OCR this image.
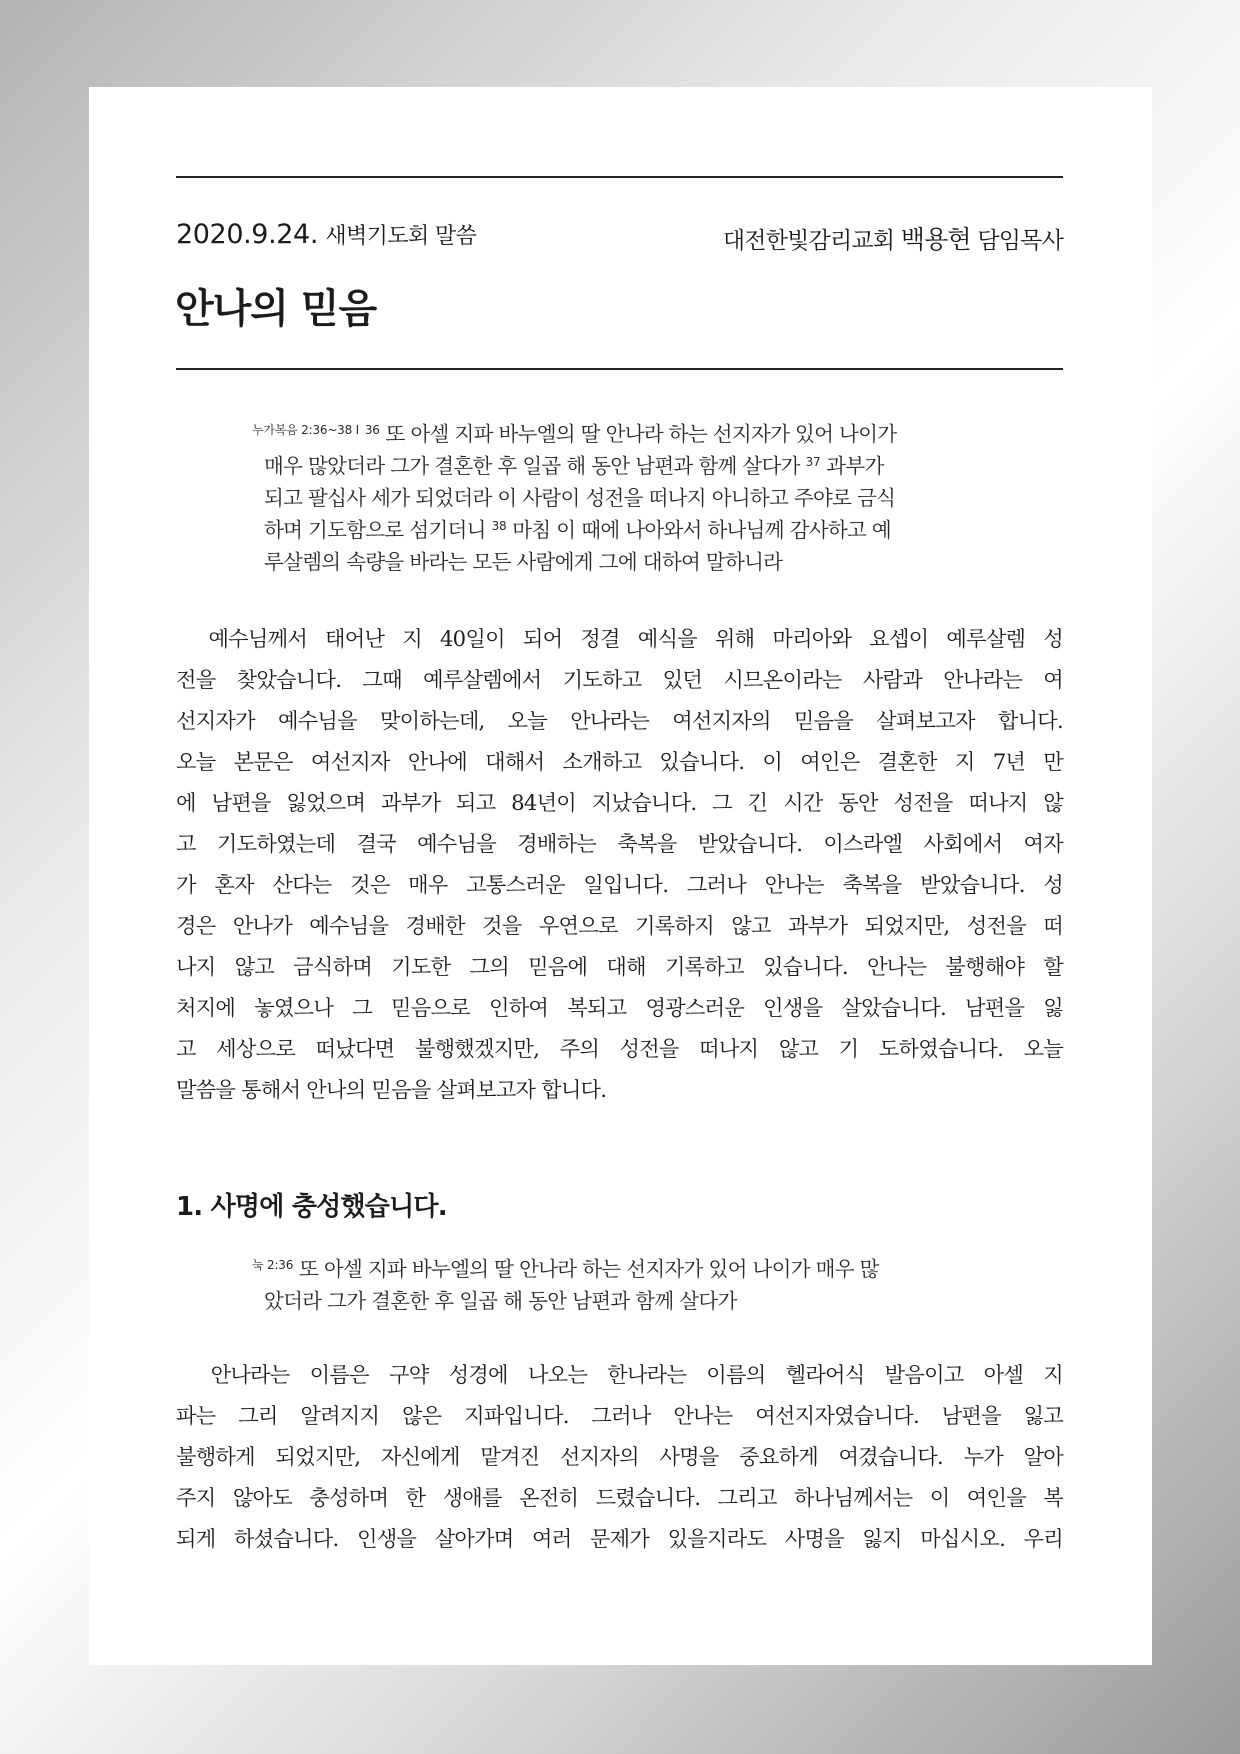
2020.9.24. 새벽기도회 말씀	대전한빛감리교회 백용현 담임목사
안나의 믿음
$^{누가복음 2:36\sim 38 I}$ $^{36}$ 또 아셀 지파 바누엘의 딸 안나라 하는 선지자가 있어 나이가
매우 많았더라 그가 결혼한 후 일곱 해 동안 남편과 함께 살다가 $^{37}$ 과부가
되고 팔십사 세가 되었더라 이 사람이 성전을 떠나지 아니하고 주야로 금식
하며 기도함으로 섬기더니 $^{38}$ 마침 이 때에 나아와서 하나님께 감사하고 예
루살렘의 속량을 바라는 모든 사람에게 그에 대하여 말하니라
　예수님께서 태어난 지 40일이 되어 정결 예식을 위해 마리아와 요셉이 예루살렘 성
전을 찾았습니다. 그때 예루살렘에서 기도하고 있던 시므온이라는 사람과 안나라는 여
선지자가 예수님을 맞이하는데, 오늘 안나라는 여선지자의 믿음을 살펴보고자 합니다.
오늘 본문은 여선지자 안나에 대해서 소개하고 있습니다. 이 여인은 결혼한 지 7년 만
에 남편을 잃었으며 과부가 되고 84년이 지났습니다. 그 긴 시간 동안 성전을 떠나지 않
고 기도하였는데 결국 예수님을 경배하는 축복을 받았습니다. 이스라엘 사회에서 여자
가 혼자 산다는 것은 매우 고통스러운 일입니다. 그러나 안나는 축복을 받았습니다. 성
경은 안나가 예수님을 경배한 것을 우연으로 기록하지 않고 과부가 되었지만, 성전을 떠
나지 않고 금식하며 기도한 그의 믿음에 대해 기록하고 있습니다. 안나는 불행해야 할
처지에 놓였으나 그 믿음으로 인하여 복되고 영광스러운 인생을 살았습니다. 남편을 잃
고 세상으로 떠났다면 불행했겠지만, 주의 성전을 떠나지 않고 기 도하였습니다. 오늘
말씀을 통해서 안나의 믿음을 살펴보고자 합니다.
1. 사명에 충성했습니다.
$^{눅 2:36}$ 또 아셀 지파 바누엘의 딸 안나라 하는 선지자가 있어 나이가 매우 많
았더라 그가 결혼한 후 일곱 해 동안 남편과 함께 살다가
　안나라는 이름은 구약 성경에 나오는 한나라는 이름의 헬라어식 발음이고 아셀 지
파는 그리 알려지지 않은 지파입니다. 그러나 안나는 여선지자였습니다. 남편을 잃고
불행하게 되었지만, 자신에게 맡겨진 선지자의 사명을 중요하게 여겼습니다. 누가 알아
주지 않아도 충성하며 한 생애를 온전히 드렸습니다. 그리고 하나님께서는 이 여인을 복
되게 하셨습니다. 인생을 살아가며 여러 문제가 있을지라도 사명을 잃지 마십시오. 우리
